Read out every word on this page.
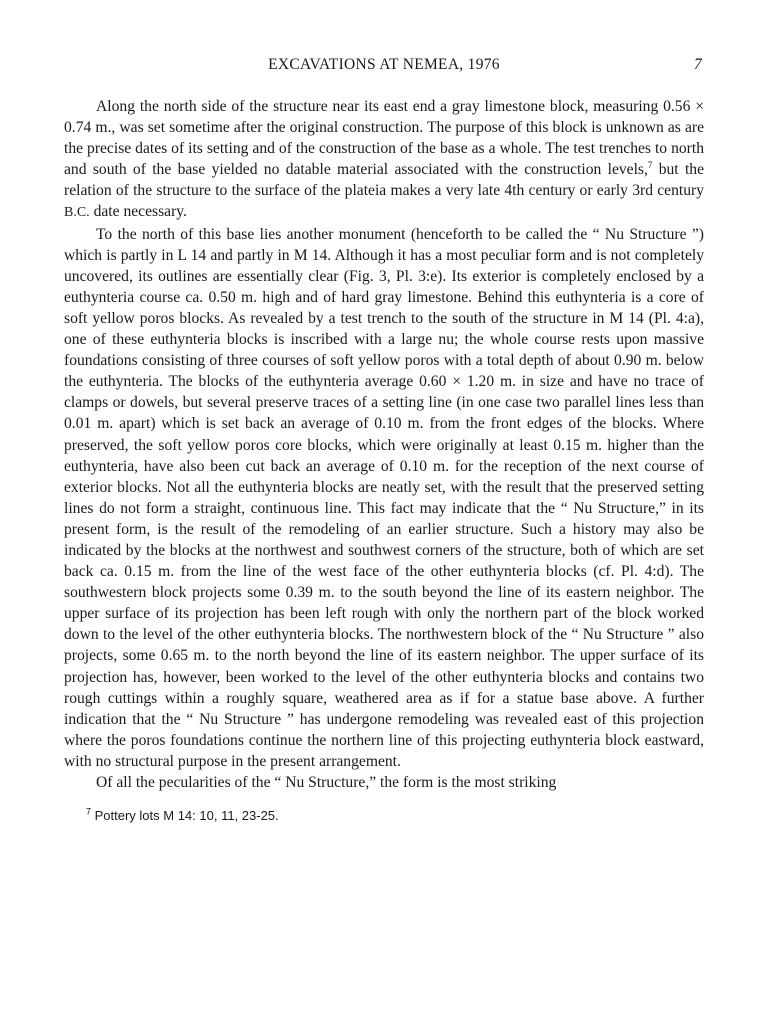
EXCAVATIONS AT NEMEA, 1976	7

Along the north side of the structure near its east end a gray limestone block, measuring 0.56 × 0.74 m., was set sometime after the original construction. The purpose of this block is unknown as are the precise dates of its setting and of the construction of the base as a whole. The test trenches to north and south of the base yielded no datable material associated with the construction levels,$^7$ but the relation of the structure to the surface of the plateia makes a very late 4th century or early 3rd century B.C. date necessary.

To the north of this base lies another monument (henceforth to be called the “ Nu Structure ”) which is partly in L 14 and partly in M 14. Although it has a most peculiar form and is not completely uncovered, its outlines are essentially clear (Fig. 3, Pl. 3:e). Its exterior is completely enclosed by a euthynteria course ca. 0.50 m. high and of hard gray limestone. Behind this euthynteria is a core of soft yellow poros blocks. As revealed by a test trench to the south of the structure in M 14 (Pl. 4:a), one of these euthynteria blocks is inscribed with a large nu; the whole course rests upon massive foundations consisting of three courses of soft yellow poros with a total depth of about 0.90 m. below the euthynteria. The blocks of the euthynteria average 0.60 × 1.20 m. in size and have no trace of clamps or dowels, but several preserve traces of a setting line (in one case two parallel lines less than 0.01 m. apart) which is set back an average of 0.10 m. from the front edges of the blocks. Where preserved, the soft yellow poros core blocks, which were originally at least 0.15 m. higher than the euthynteria, have also been cut back an average of 0.10 m. for the reception of the next course of exterior blocks. Not all the euthynteria blocks are neatly set, with the result that the preserved setting lines do not form a straight, continuous line. This fact may indicate that the “ Nu Structure,” in its present form, is the result of the remodeling of an earlier structure. Such a history may also be indicated by the blocks at the northwest and southwest corners of the structure, both of which are set back ca. 0.15 m. from the line of the west face of the other euthynteria blocks (cf. Pl. 4:d). The southwestern block projects some 0.39 m. to the south beyond the line of its eastern neighbor. The upper surface of its projection has been left rough with only the northern part of the block worked down to the level of the other euthynteria blocks. The northwestern block of the “ Nu Structure ” also projects, some 0.65 m. to the north beyond the line of its eastern neighbor. The upper surface of its projection has, however, been worked to the level of the other euthynteria blocks and contains two rough cuttings within a roughly square, weathered area as if for a statue base above. A further indication that the “ Nu Structure ” has undergone remodeling was revealed east of this projection where the poros foundations continue the northern line of this projecting euthynteria block eastward, with no structural purpose in the present arrangement.

Of all the pecularities of the “ Nu Structure,” the form is the most striking

$^7$ Pottery lots M 14: 10, 11, 23-25.
